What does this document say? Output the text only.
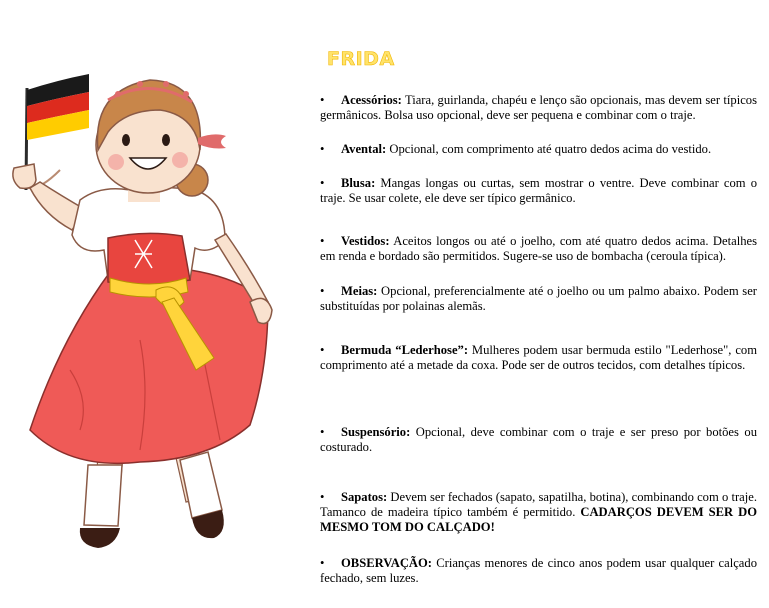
FRIDA

• Acessórios: Tiara, guirlanda, chapéu e lenço são opcionais, mas devem ser típicos germânicos. Bolsa uso opcional, deve ser pequena e combinar com o traje.

• Avental: Opcional, com comprimento até quatro dedos acima do vestido.

• Blusa: Mangas longas ou curtas, sem mostrar o ventre. Deve combinar com o traje. Se usar colete, ele deve ser típico germânico.

• Vestidos: Aceitos longos ou até o joelho, com até quatro dedos acima. Detalhes em renda e bordado são permitidos. Sugere-se uso de bombacha (ceroula típica).

• Meias: Opcional, preferencialmente até o joelho ou um palmo abaixo. Podem ser substituídas por polainas alemãs.

• Bermuda “Lederhose”: Mulheres podem usar bermuda estilo "Lederhose", com comprimento até a metade da coxa. Pode ser de outros tecidos, com detalhes típicos.

• Suspensório: Opcional, deve combinar com o traje e ser preso por botões ou costurado.

• Sapatos: Devem ser fechados (sapato, sapatilha, botina), combinando com o traje. Tamanco de madeira típico também é permitido. CADARÇOS DEVEM SER DO MESMO TOM DO CALÇADO!

• OBSERVAÇÃO: Crianças menores de cinco anos podem usar qualquer calçado fechado, sem luzes.
